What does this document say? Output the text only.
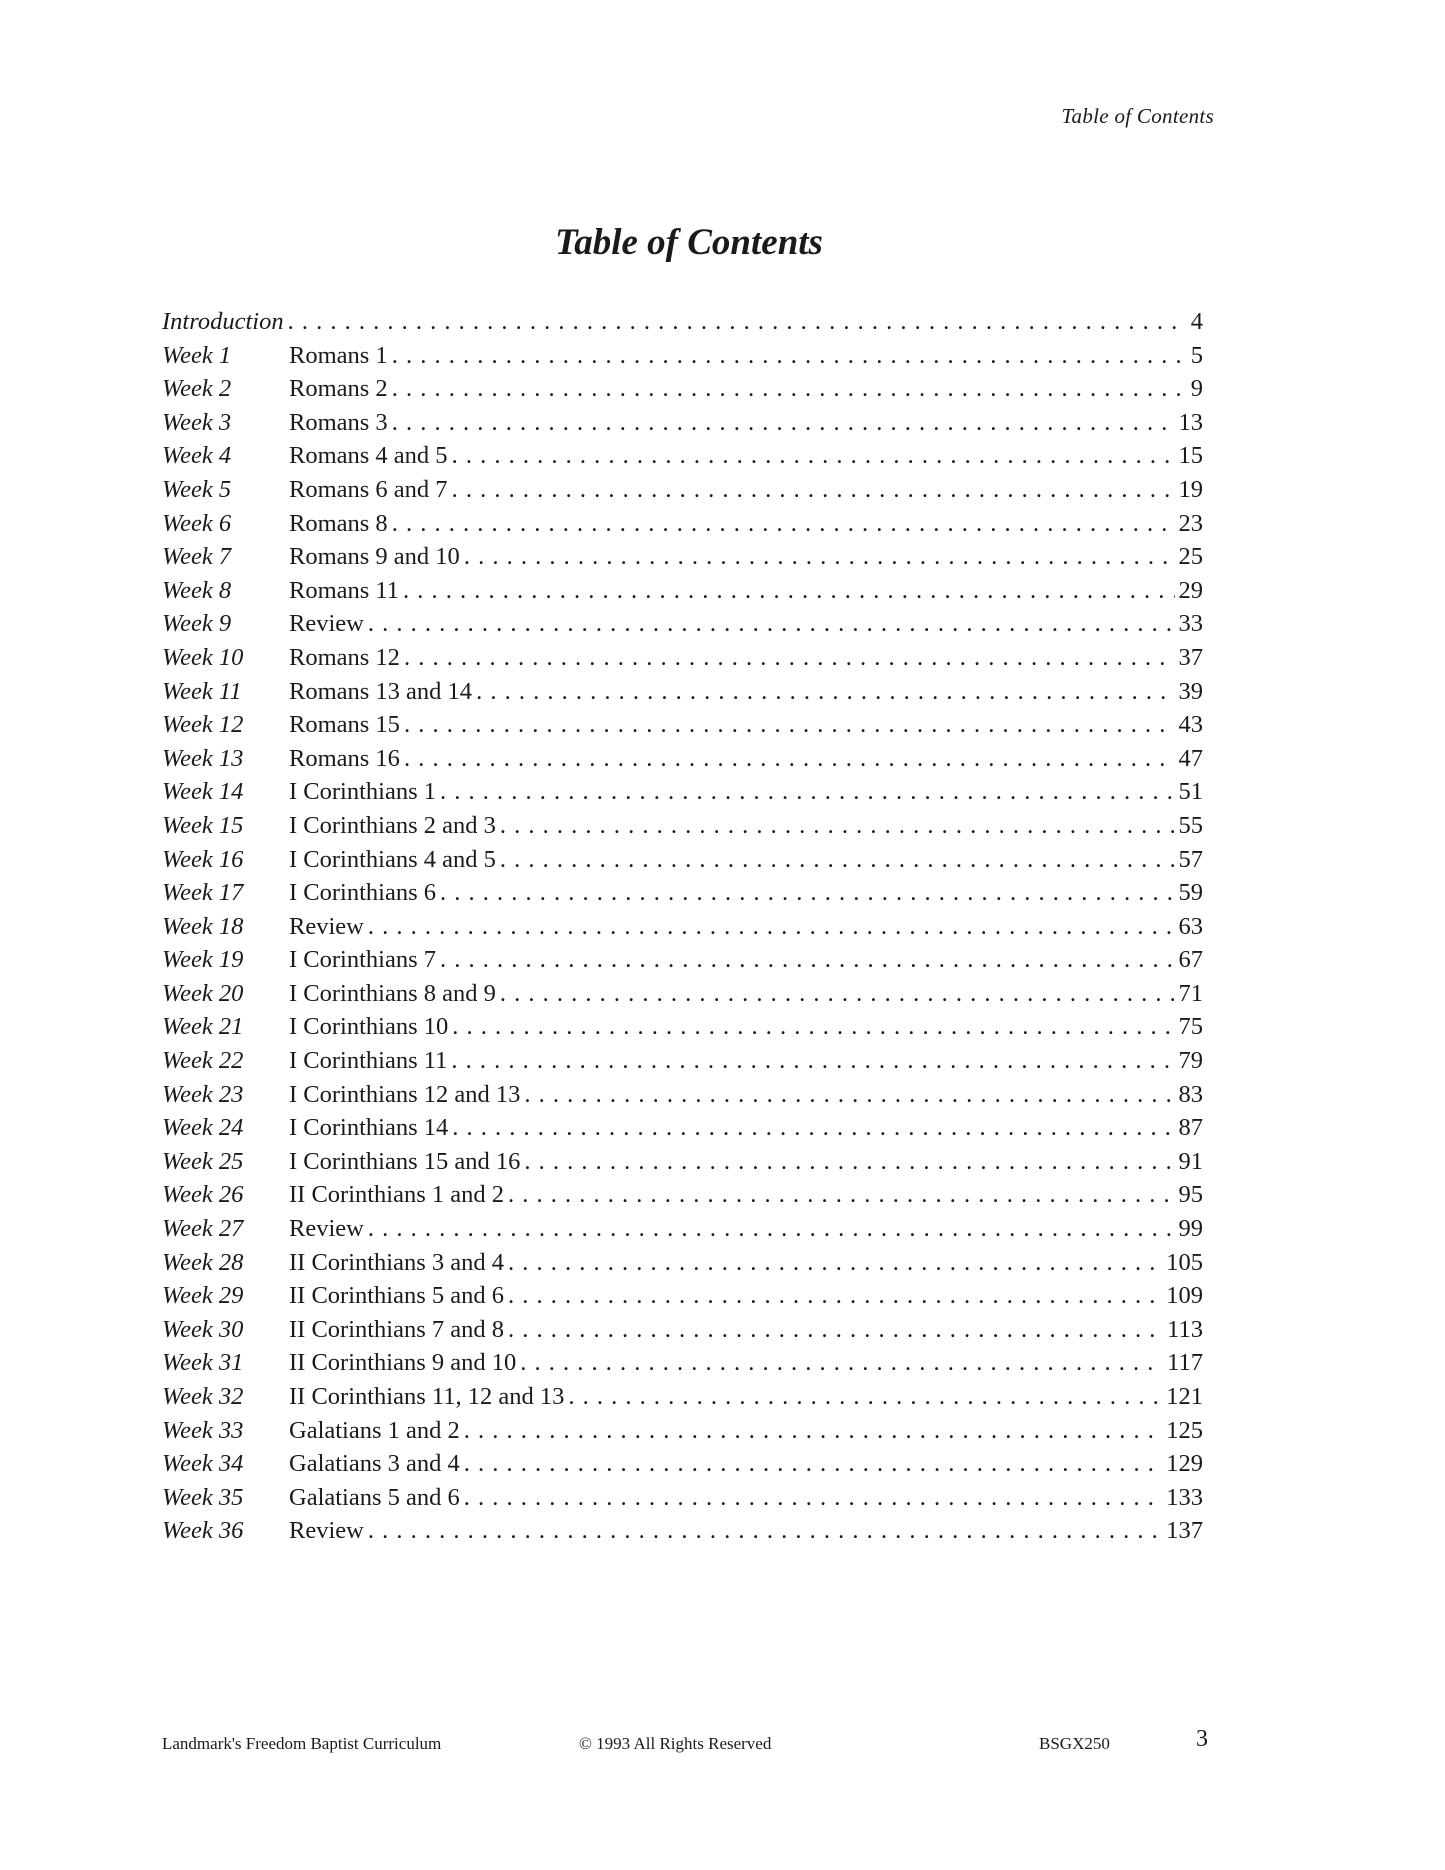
Table of Contents
Table of Contents
Introduction . . .	4
Week 1	Romans 1 . . .	5
Week 2	Romans 2 . . .	9
Week 3	Romans 3 . . .	13
Week 4	Romans 4 and 5 . . .	15
Week 5	Romans 6 and 7 . . .	19
Week 6	Romans 8 . . .	23
Week 7	Romans 9 and 10 . . .	25
Week 8	Romans 11 . . .	29
Week 9	Review . . .	33
Week 10	Romans 12 . . .	37
Week 11	Romans 13 and 14 . . .	39
Week 12	Romans 15 . . .	43
Week 13	Romans 16 . . .	47
Week 14	I Corinthians 1 . . .	51
Week 15	I Corinthians 2 and 3 . . .	55
Week 16	I Corinthians 4 and 5 . . .	57
Week 17	I Corinthians 6 . . .	59
Week 18	Review . . .	63
Week 19	I Corinthians 7 . . .	67
Week 20	I Corinthians 8 and 9 . . .	71
Week 21	I Corinthians 10 . . .	75
Week 22	I Corinthians 11 . . .	79
Week 23	I Corinthians 12 and 13 . . .	83
Week 24	I Corinthians 14 . . .	87
Week 25	I Corinthians 15 and 16 . . .	91
Week 26	II Corinthians 1 and 2 . . .	95
Week 27	Review . . .	99
Week 28	II Corinthians 3 and 4 . . .	105
Week 29	II Corinthians 5 and 6 . . .	109
Week 30	II Corinthians 7 and 8 . . .	113
Week 31	II Corinthians 9 and 10 . . .	117
Week 32	II Corinthians 11, 12 and 13 . . .	121
Week 33	Galatians 1 and 2 . . .	125
Week 34	Galatians 3 and 4 . . .	129
Week 35	Galatians 5 and 6 . . .	133
Week 36	Review . . .	137
Landmark's Freedom Baptist Curriculum	© 1993 All Rights Reserved	BSGX250	3
